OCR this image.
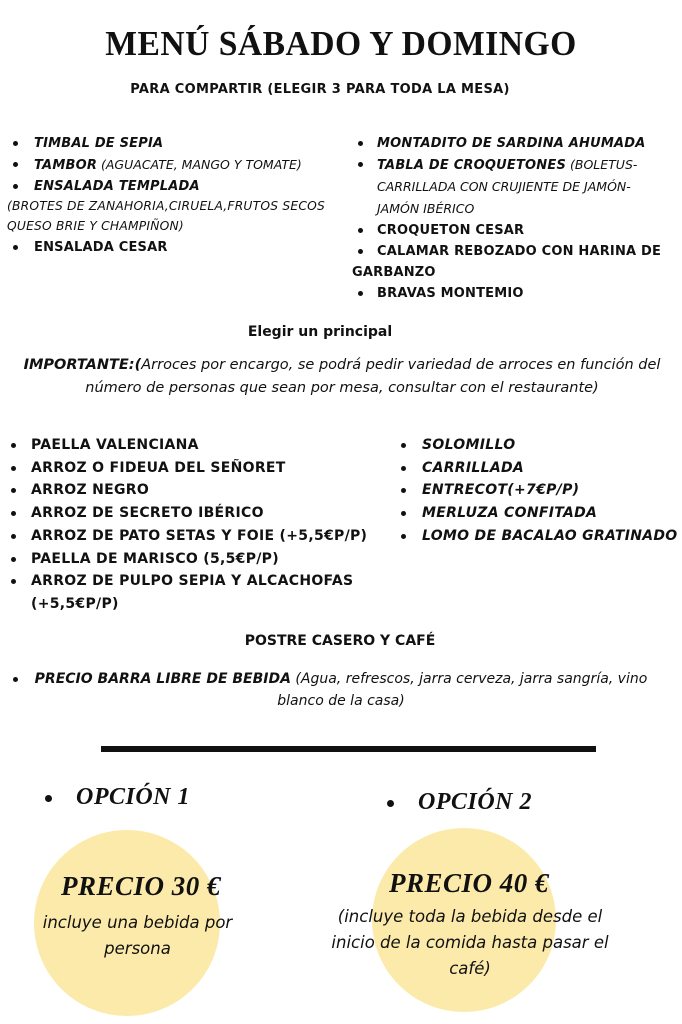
MENÚ SÁBADO Y DOMINGO
PARA COMPARTIR (ELEGIR 3 PARA TODA LA MESA)
TIMBAL DE SEPIA
TAMBOR (AGUACATE, MANGO Y TOMATE)
ENSALADA TEMPLADA
(BROTES DE ZANAHORIA,CIRUELA,FRUTOS SECOS
QUESO BRIE Y CHAMPIÑON)
ENSALADA CESAR
MONTADITO DE SARDINA AHUMADA
TABLA DE CROQUETONES (BOLETUS-
CARRILLADA CON CRUJIENTE DE JAMÓN-
JAMÓN IBÉRICO
CROQUETON CESAR
CALAMAR REBOZADO CON HARINA DE
GARBANZO
BRAVAS MONTEMIO
Elegir un principal
IMPORTANTE:(Arroces por encargo, se podrá pedir variedad de arroces en función del número de personas que sean por mesa, consultar con el restaurante)
PAELLA VALENCIANA
ARROZ O FIDEUA DEL SEÑORET
ARROZ NEGRO
ARROZ DE SECRETO IBÉRICO
ARROZ DE PATO SETAS Y FOIE (+5,5€P/P)
PAELLA DE MARISCO (5,5€P/P)
ARROZ DE PULPO SEPIA Y ALCACHOFAS
(+5,5€P/P)
SOLOMILLO
CARRILLADA
ENTRECOT(+7€P/P)
MERLUZA CONFITADA
LOMO DE BACALAO GRATINADO
POSTRE CASERO Y CAFÉ
PRECIO BARRA LIBRE DE BEBIDA (Agua, refrescos, jarra cerveza, jarra sangría, vino blanco de la casa)
OPCIÓN 1
PRECIO 30 €
incluye una bebida por persona
OPCIÓN 2
PRECIO 40 €
(incluye toda la bebida desde el inicio de la comida hasta pasar el café)
